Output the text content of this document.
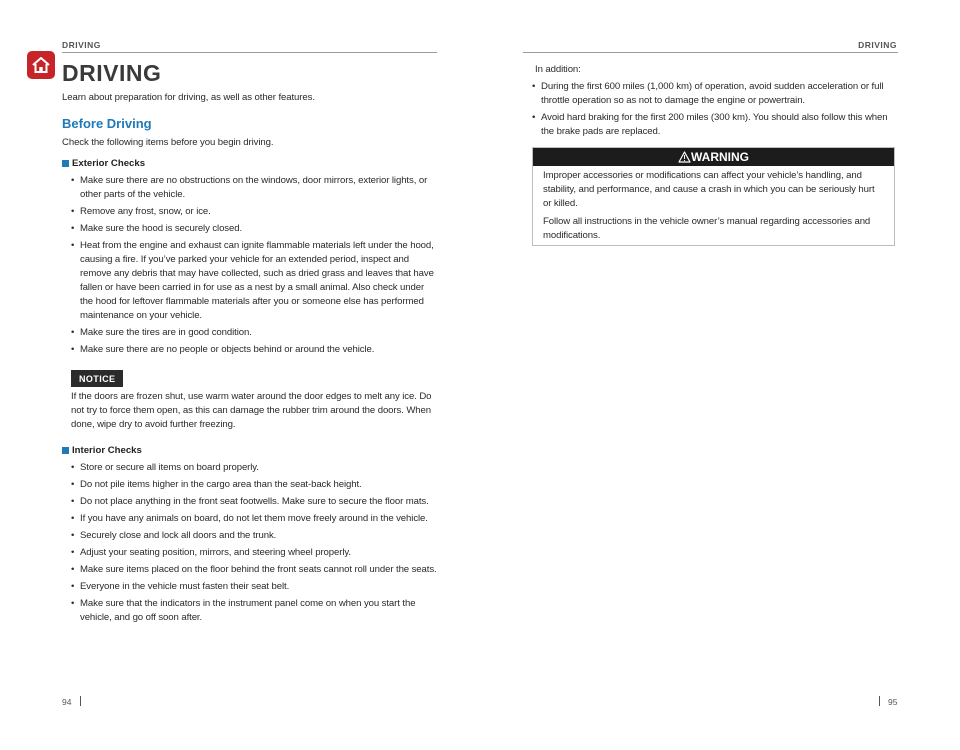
DRIVING	DRIVING
DRIVING
Learn about preparation for driving, as well as other features.
Before Driving
Check the following items before you begin driving.
Exterior Checks
• Make sure there are no obstructions on the windows, door mirrors, exterior lights, or other parts of the vehicle.
• Remove any frost, snow, or ice.
• Make sure the hood is securely closed.
• Heat from the engine and exhaust can ignite flammable materials left under the hood, causing a fire. If you’ve parked your vehicle for an extended period, inspect and remove any debris that may have collected, such as dried grass and leaves that have fallen or have been carried in for use as a nest by a small animal. Also check under the hood for leftover flammable materials after you or someone else has performed maintenance on your vehicle.
• Make sure the tires are in good condition.
• Make sure there are no people or objects behind or around the vehicle.
NOTICE
If the doors are frozen shut, use warm water around the door edges to melt any ice. Do not try to force them open, as this can damage the rubber trim around the doors. When done, wipe dry to avoid further freezing.
Interior Checks
• Store or secure all items on board properly.
• Do not pile items higher in the cargo area than the seat-back height.
• Do not place anything in the front seat footwells. Make sure to secure the floor mats.
• If you have any animals on board, do not let them move freely around in the vehicle.
• Securely close and lock all doors and the trunk.
• Adjust your seating position, mirrors, and steering wheel properly.
• Make sure items placed on the floor behind the front seats cannot roll under the seats.
• Everyone in the vehicle must fasten their seat belt.
• Make sure that the indicators in the instrument panel come on when you start the vehicle, and go off soon after.
In addition:
• During the first 600 miles (1,000 km) of operation, avoid sudden acceleration or full throttle operation so as not to damage the engine or powertrain.
• Avoid hard braking for the first 200 miles (300 km). You should also follow this when the brake pads are replaced.
WARNING

Improper accessories or modifications can affect your vehicle’s handling, and stability, and performance, and cause a crash in which you can be seriously hurt or killed.

Follow all instructions in the vehicle owner’s manual regarding accessories and modifications.

94	95
